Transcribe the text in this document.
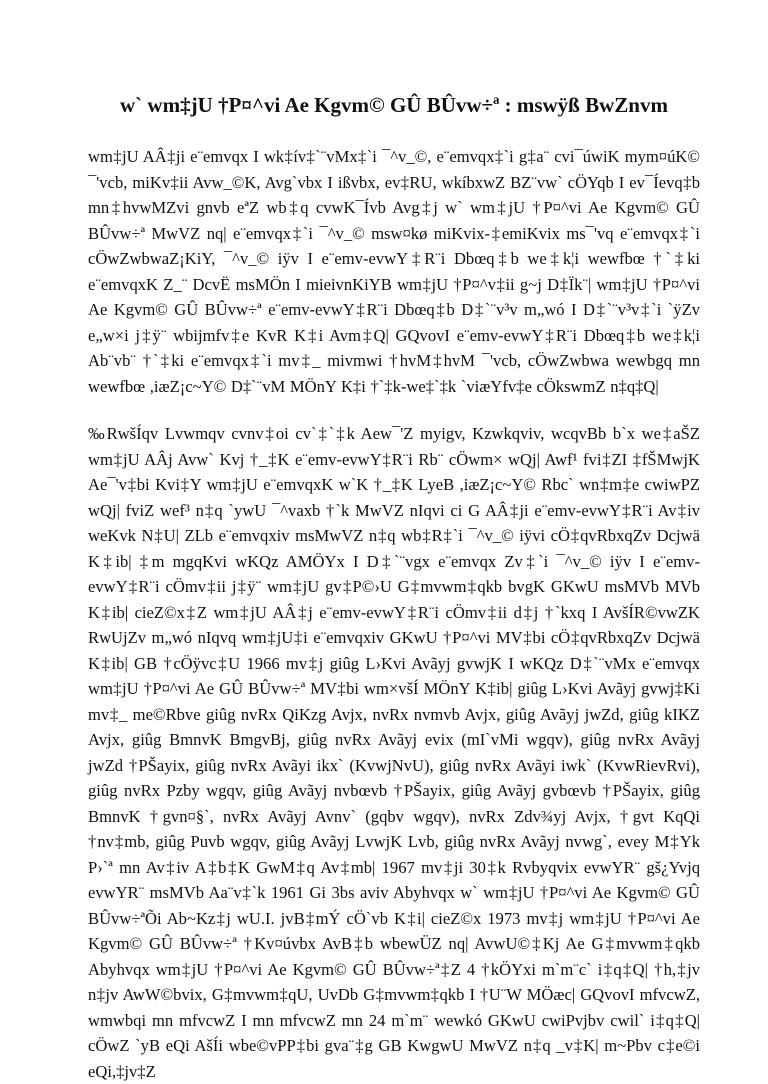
w` wm‡jU †P¤^vi Ae Kgvm© GÛ BÛvw÷ª : mswÿß BwZnvm

wm‡jU AÂ‡ji e¨emvqx I wk‡ív‡`¨vMx‡`i ¯^v_©, e¨emvqx‡`i g‡a¨ cvi¯úwiK mym¤úK© ¯'vcb, miKv‡ii Avw_©K, Avg`vbx I ißvbx, ev‡RU, wkíbxwZ BZ¨vw` cÖYqb I ev¯Íevq‡b mn‡hvwMZvi gnvb eªZ wb‡q cvwK¯Ívb Avg‡j w` wm‡jU †P¤^vi Ae Kgvm© GÛ BÛvw÷ª MwVZ nq| e¨emvqx‡`i ¯^v_© msw¤kø miKvix-‡emiKvix ms¯'vq e¨emvqx‡`i cÖwZwbwaZ¡KiY, ¯^v_© iÿv I e¨emv-evwY‡R¨i Dbœq‡b we‡k¦i wewfbœ †`‡ki e¨emvqxK Z_¨ DcvË msMÖn I mieivnKiYB wm‡jU †P¤^v‡ii g~j D‡Ïk¨| wm‡jU †P¤^vi Ae Kgvm© GÛ BÛvw÷ª e¨emv-evwY‡R¨i Dbœq‡b D‡`¨v³v m„wó I D‡`¨v³v‡`i `ÿZv e„w×i j‡ÿ¨ wbijmfv‡e KvR K‡i Avm‡Q| GQvovI e¨emv-evwY‡R¨i Dbœq‡b we‡k¦i Ab¨vb¨ †`‡ki e¨emvqx‡`i mv‡_ mivmwi †hvM‡hvM ¯'vcb, cÖwZwbwa wewbgq mn wewfbœ ,iæZ¡c~Y© D‡`¨vM MÖnY K‡i †`‡k-we‡`‡k `viæYfv‡e cÖkswmZ n‡q‡Q|

‰RwšÍqv Lvwmqv cvnv‡oi cv`‡`‡k Aew¯'Z myigv, Kzwkqviv, wcqvBb b`x we‡aŠZ wm‡jU AÂj Avw` Kvj †_‡K e¨emv-evwY‡R¨i Rb¨ cÖwm× wQj| Awf¹ fvi‡ZI ‡fŠMwjK Ae¯'v‡bi Kvi‡Y wm‡jU e¨emvqxK w`K †_‡K LyeB ,iæZ¡c~Y© Rbc` wn‡m‡e cwiwPZ wQj| fviZ wef³ n‡q `ywU ¯^vaxb †`k MwVZ nIqvi ci G AÂ‡ji e¨emv-evwY‡R¨i Av‡iv weKvk N‡U| ZLb e¨emvqxiv msMwVZ n‡q wb‡R‡`i ¯^v_© iÿvi cÖ‡qvRbxqZv Dcjwä K‡ib| ‡m mgqKvi wKQz AMÖYx I D‡`¨vgx e¨emvqx Zv‡`i ¯^v_© iÿv I e¨emv-evwY‡R¨i cÖmv‡ii j‡ÿ¨ wm‡jU gv‡P©›U G‡mvwm‡qkb bvgK GKwU msMVb MVb K‡ib| cieZ©x‡Z wm‡jU AÂ‡j e¨emv-evwY‡R¨i cÖmv‡ii d‡j †`kxq I AvšÍR©vwZK RwUjZv m„wó nIqvq wm‡jU‡i e¨emvqxiv GKwU †P¤^vi MV‡bi cÖ‡qvRbxqZv Dcjwä K‡ib| GB †cÖÿvc‡U 1966 mv‡j giûg L›Kvi Avãyj gvwjK I wKQz D‡`¨vMx e¨emvqx wm‡jU †P¤^vi Ae GÛ BÛvw÷ª MV‡bi wm×všÍ MÖnY K‡ib| giûg L›Kvi Avãyj gvwj‡Ki mv‡_ me©Rbve giûg nvRx QiKzg Avjx, nvRx nvmvb Avjx, giûg Avãyj jwZd, giûg kIKZ Avjx, giûg BmnvK BmgvBj, giûg nvRx Avãyj evix (mI`vMi wgqv), giûg nvRx Avãyj jwZd †PŠayix, giûg nvRx Avãyi ikx` (KvwjNvU), giûg nvRx Avãyi iwk` (KvwRievRvi), giûg nvRx Pzby wgqv, giûg Avãyj nvbœvb †PŠayix, giûg Avãyj gvbœvb †PŠayix, giûg BmnvK †gvn¤§`, nvRx Avãyj Avnv` (gqbv wgqv), nvRx Zdv¾yj Avjx, †gvt KqQi †nv‡mb, giûg Puvb wgqv, giûg Avãyj LvwjK Lvb, giûg nvRx Avãyj nvwg`, evey M‡Yk P›`ª mn Av‡iv A‡b‡K GwM‡q Av‡mb| 1967 mv‡ji 30‡k Rvbyqvix evwYR¨ gš¿Yvjq evwYR¨ msMVb Aa¨v‡`k 1961 Gi 3bs aviv Abyhvqx w` wm‡jU †P¤^vi Ae Kgvm© GÛ BÛvw÷ªÕi Ab~Kz‡j wU.I. jvB‡mÝ cÖ`vb K‡i| cieZ©x 1973 mv‡j wm‡jU †P¤^vi Ae Kgvm© GÛ BÛvw÷ª †Kv¤úvbx AvB‡b wbewÜZ nq| AvwU©‡Kj Ae G‡mvwm‡qkb Abyhvqx wm‡jU †P¤^vi Ae Kgvm© GÛ BÛvw÷ª‡Z 4 †kÖYxi m`m¨c` i‡q‡Q| †h,‡jv n‡jv AwW©bvix, G‡mvwm‡qU, UvDb G‡mvwm‡qkb I †U¨W MÖæc| GQvovI mfvcwZ, wmwbqi mn mfvcwZ I mn mfvcwZ mn 24 m`m¨ wewkó GKwU cwiPvjbv cwil` i‡q‡Q| cÖwZ `yB eQi AšÍi wbe©vPP‡bi gva¨‡g GB KwgwU MwVZ n‡q _v‡K| m~Pbv c‡e©i eQi,‡jv‡Z
